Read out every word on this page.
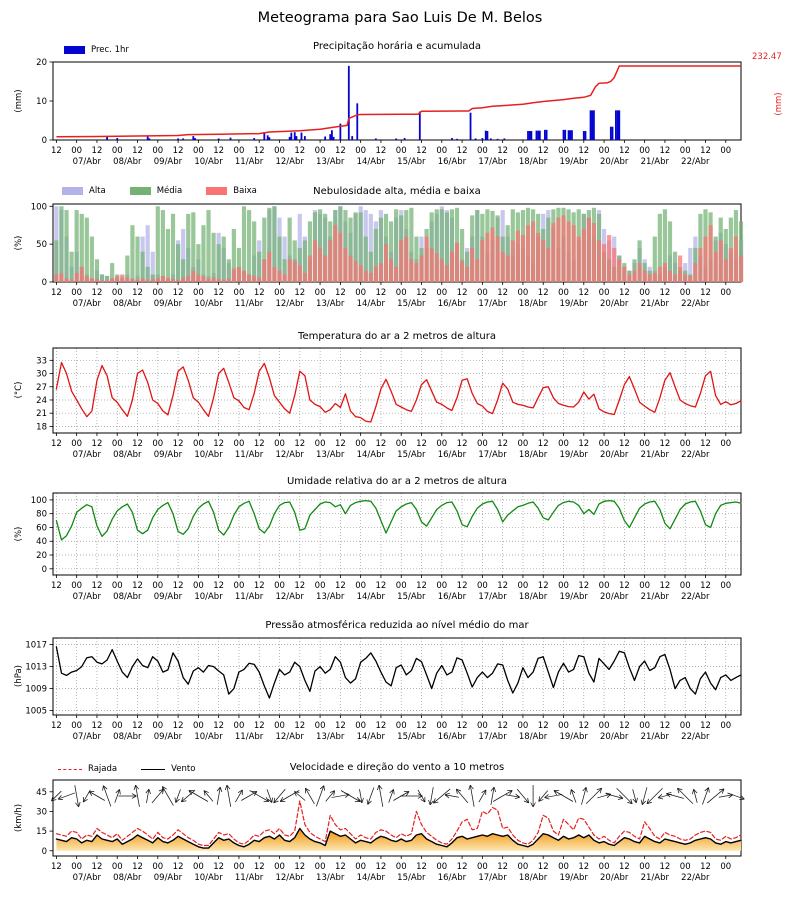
12 00 12 00 12 00 12 00 12 00 12 00 12 00 12 00 12 00 12 00 12 00 12 00 12 00 12 00 12 00 12 00 12 00
07/Abr 08/Abr 09/Abr 10/Abr 11/Abr 12/Abr 13/Abr 14/Abr 15/Abr 16/Abr 17/Abr 18/Abr 19/Abr 20/Abr 21/Abr 22/Abr
0
10
20
12 00 12 00 12 00 12 00 12 00 12 00 12 00 12 00 12 00 12 00 12 00 12 00 12 00 12 00 12 00 12 00 12 00
07/Abr 08/Abr 09/Abr 10/Abr 11/Abr 12/Abr 13/Abr 14/Abr 15/Abr 16/Abr 17/Abr 18/Abr 19/Abr 20/Abr 21/Abr 22/Abr
0
50
100
12 00 12 00 12 00 12 00 12 00 12 00 12 00 12 00 12 00 12 00 12 00 12 00 12 00 12 00 12 00 12 00 12 00
07/Abr 08/Abr 09/Abr 10/Abr 11/Abr 12/Abr 13/Abr 14/Abr 15/Abr 16/Abr 17/Abr 18/Abr 19/Abr 20/Abr 21/Abr 22/Abr
18
21
24
27
30
33
12 00 12 00 12 00 12 00 12 00 12 00 12 00 12 00 12 00 12 00 12 00 12 00 12 00 12 00 12 00 12 00 12 00
07/Abr 08/Abr 09/Abr 10/Abr 11/Abr 12/Abr 13/Abr 14/Abr 15/Abr 16/Abr 17/Abr 18/Abr 19/Abr 20/Abr 21/Abr 22/Abr
0
20
40
60
80
100
12 00 12 00 12 00 12 00 12 00 12 00 12 00 12 00 12 00 12 00 12 00 12 00 12 00 12 00 12 00 12 00 12 00
07/Abr 08/Abr 09/Abr 10/Abr 11/Abr 12/Abr 13/Abr 14/Abr 15/Abr 16/Abr 17/Abr 18/Abr 19/Abr 20/Abr 21/Abr 22/Abr
1005
1009
1013
1017
12 00 12 00 12 00 12 00 12 00 12 00 12 00 12 00 12 00 12 00 12 00 12 00 12 00 12 00 12 00 12 00 12 00
07/Abr 08/Abr 09/Abr 10/Abr 11/Abr 12/Abr 13/Abr 14/Abr 15/Abr 16/Abr 17/Abr 18/Abr 19/Abr 20/Abr 21/Abr 22/Abr
0
15
30
45
Meteograma para Sao Luis De M. Belos
Precipitação horária e acumulada
Nebulosidade alta, média e baixa
Temperatura do ar a 2 metros de altura
Umidade relativa do ar a 2 metros de altura
Pressão atmosférica reduzida ao nível médio do mar
Velocidade e direção do vento a 10 metros
(mm)
(%)
(°C)
(%)
(hPa)
(km/h)
232.47
(mm)
Prec. 1hr
Alta	Média	Baixa
Rajada	Vento
